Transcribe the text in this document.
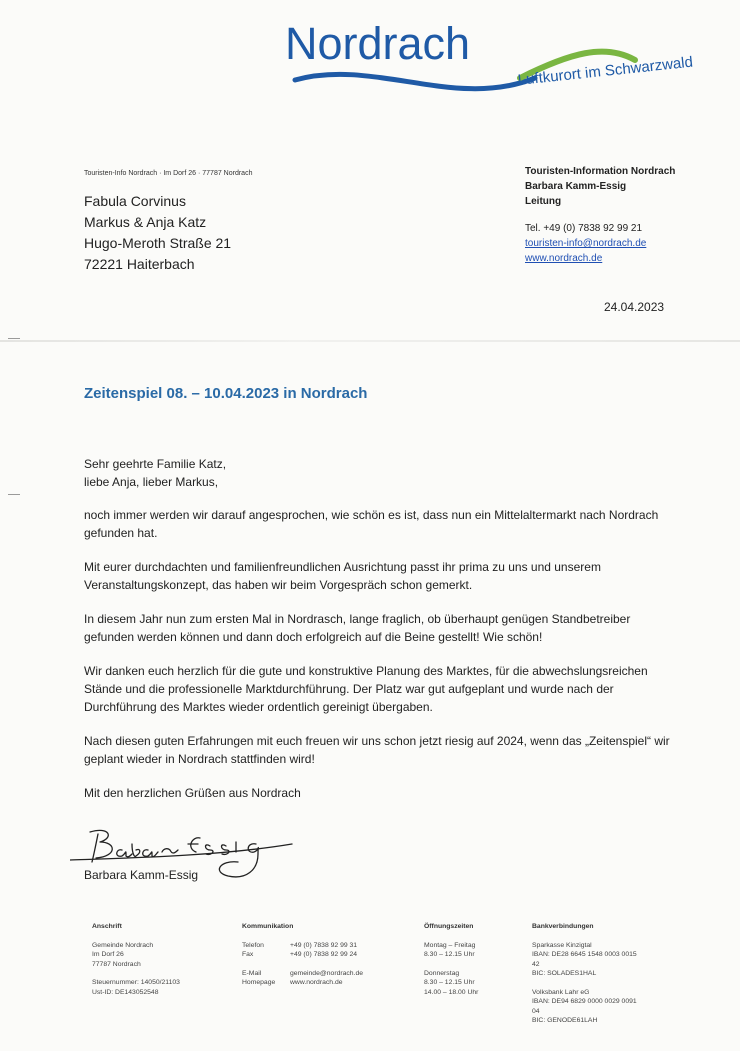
Nordrach
Luftkurort im Schwarzwald
Touristen-Info Nordrach · Im Dorf 26 · 77787 Nordrach
Fabula Corvinus
Markus & Anja Katz
Hugo-Meroth Straße 21
72221 Haiterbach
Touristen-Information Nordrach
Barbara Kamm-Essig
Leitung
Tel. +49 (0) 7838 92 99 21
touristen-info@nordrach.de
www.nordrach.de
24.04.2023
Zeitenspiel 08. – 10.04.2023 in Nordrach

Sehr geehrte Familie Katz,
liebe Anja, lieber Markus,

noch immer werden wir darauf angesprochen, wie schön es ist, dass nun ein Mittelaltermarkt nach Nordrach gefunden hat.

Mit eurer durchdachten und familienfreundlichen Ausrichtung passt ihr prima zu uns und unserem Veranstaltungskonzept, das haben wir beim Vorgespräch schon gemerkt.

In diesem Jahr nun zum ersten Mal in Nordrasch, lange fraglich, ob überhaupt genügen Standbetreiber gefunden werden können und dann doch erfolgreich auf die Beine gestellt! Wie schön!

Wir danken euch herzlich für die gute und konstruktive Planung des Marktes, für die abwechslungsreichen Stände und die professionelle Marktdurchführung. Der Platz war gut aufgeplant und wurde nach der Durchführung des Marktes wieder ordentlich gereinigt übergaben.

Nach diesen guten Erfahrungen mit euch freuen wir uns schon jetzt riesig auf 2024, wenn das „Zeitenspiel“ wir geplant wieder in Nordrach stattfinden wird!

Mit den herzlichen Grüßen aus Nordrach

Barbara Kamm-Essig
Anschrift
Gemeinde Nordrach
Im Dorf 26
77787 Nordrach
Steuernummer: 14050/21103
Ust-ID: DE143052548
Kommunikation
Telefon	+49 (0) 7838 92 99 31
Fax	+49 (0) 7838 92 99 24
E-Mail	gemeinde@nordrach.de
Homepage	www.nordrach.de
Öffnungszeiten
Montag – Freitag
8.30 – 12.15 Uhr
Donnerstag
8.30 – 12.15 Uhr
14.00 – 18.00 Uhr
Bankverbindungen
Sparkasse Kinzigtal
IBAN: DE28 6645 1548 0003 0015
42
BIC: SOLADES1HAL
Volksbank Lahr eG
IBAN: DE94 6829 0000 0029 0091
04
BIC: GENODE61LAH
